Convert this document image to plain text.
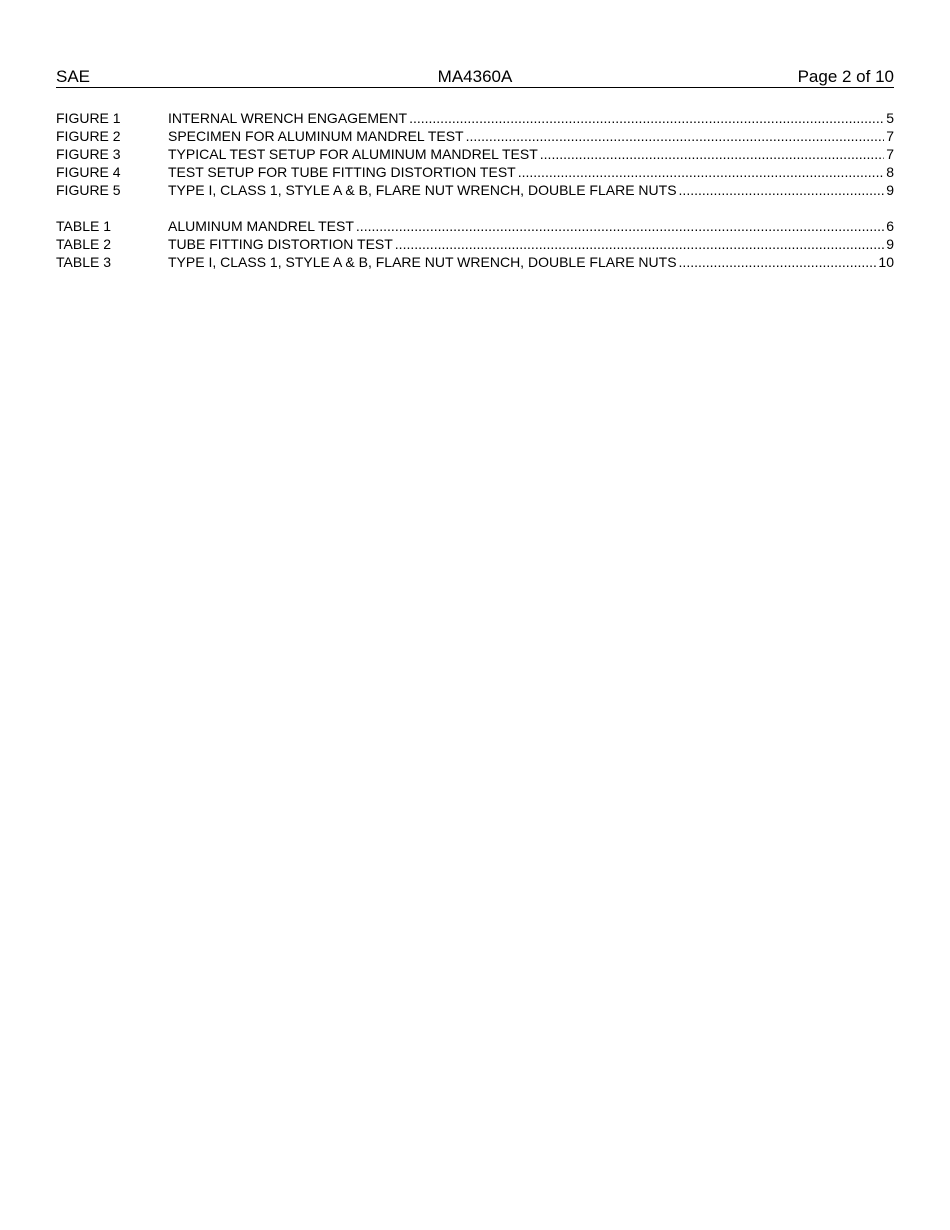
SAE	MA4360A	Page 2 of 10
FIGURE 1	INTERNAL WRENCH ENGAGEMENT .....	5
FIGURE 2	SPECIMEN FOR ALUMINUM MANDREL TEST .....	7
FIGURE 3	TYPICAL TEST SETUP FOR ALUMINUM MANDREL TEST .....	7
FIGURE 4	TEST SETUP FOR TUBE FITTING DISTORTION TEST .....	8
FIGURE 5	TYPE I, CLASS 1, STYLE A & B, FLARE NUT WRENCH, DOUBLE FLARE NUTS .....	9
TABLE 1	ALUMINUM MANDREL TEST .....	6
TABLE 2	TUBE FITTING DISTORTION TEST .....	9
TABLE 3	TYPE I, CLASS 1, STYLE A & B, FLARE NUT WRENCH, DOUBLE FLARE NUTS .....	10
